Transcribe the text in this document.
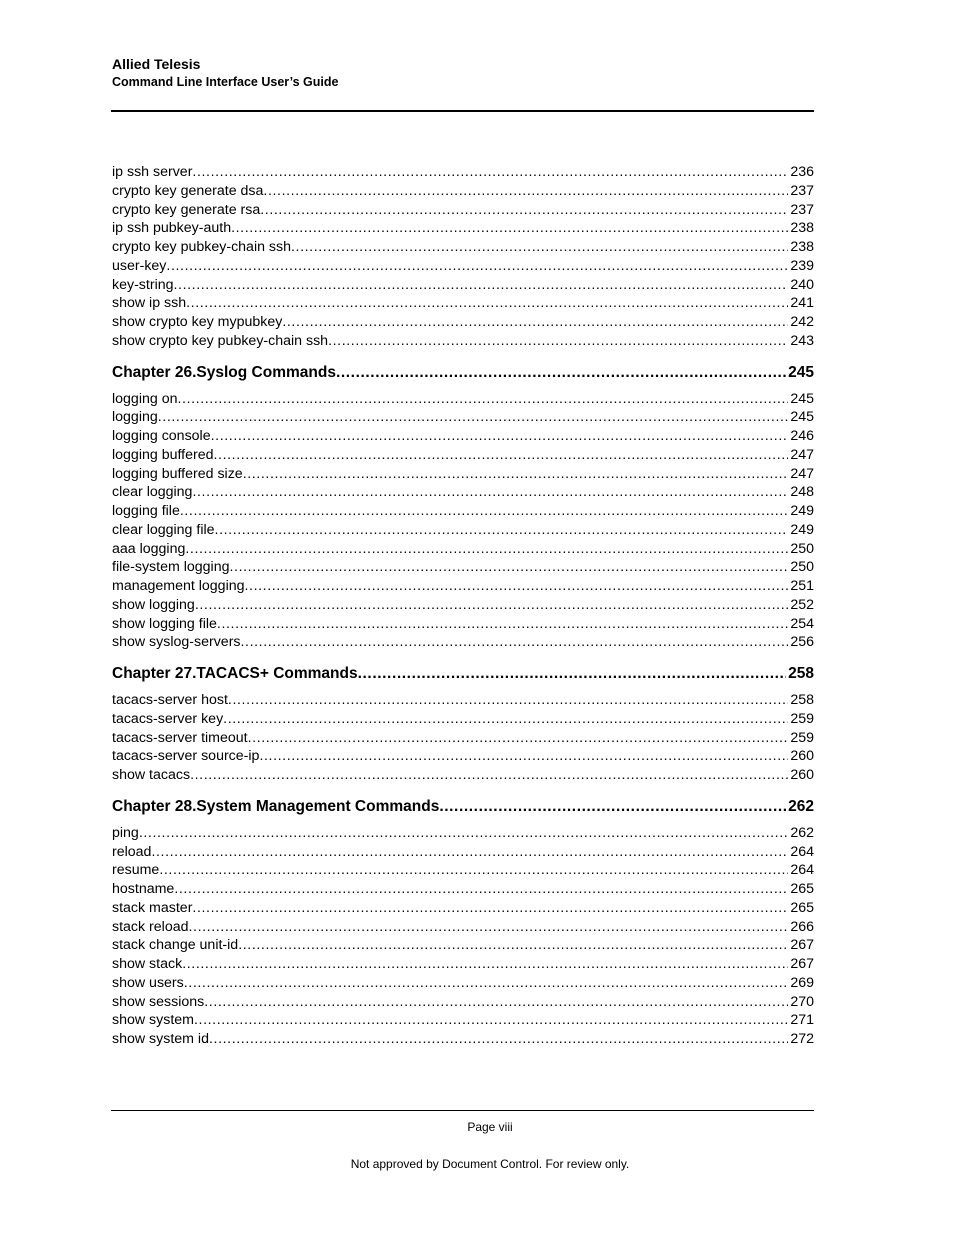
Allied Telesis
Command Line Interface User’s Guide
ip ssh server .....	236
crypto key generate dsa .....	237
crypto key generate rsa .....	237
ip ssh pubkey-auth .....	238
crypto key pubkey-chain ssh .....	238
user-key .....	239
key-string .....	240
show ip ssh .....	241
show crypto key mypubkey .....	242
show crypto key pubkey-chain ssh .....	243
Chapter 26.Syslog Commands .....	245
logging on .....	245
logging .....	245
logging console .....	246
logging buffered .....	247
logging buffered size .....	247
clear logging .....	248
logging file .....	249
clear logging file .....	249
aaa logging .....	250
file-system logging .....	250
management logging .....	251
show logging .....	252
show logging file .....	254
show syslog-servers .....	256
Chapter 27.TACACS+ Commands .....	258
tacacs-server host .....	258
tacacs-server key .....	259
tacacs-server timeout .....	259
tacacs-server source-ip .....	260
show tacacs .....	260
Chapter 28.System Management Commands .....	262
ping .....	262
reload .....	264
resume .....	264
hostname .....	265
stack master .....	265
stack reload .....	266
stack change unit-id .....	267
show stack .....	267
show users .....	269
show sessions .....	270
show system .....	271
show system id .....	272
Page viii
Not approved by Document Control. For review only.
